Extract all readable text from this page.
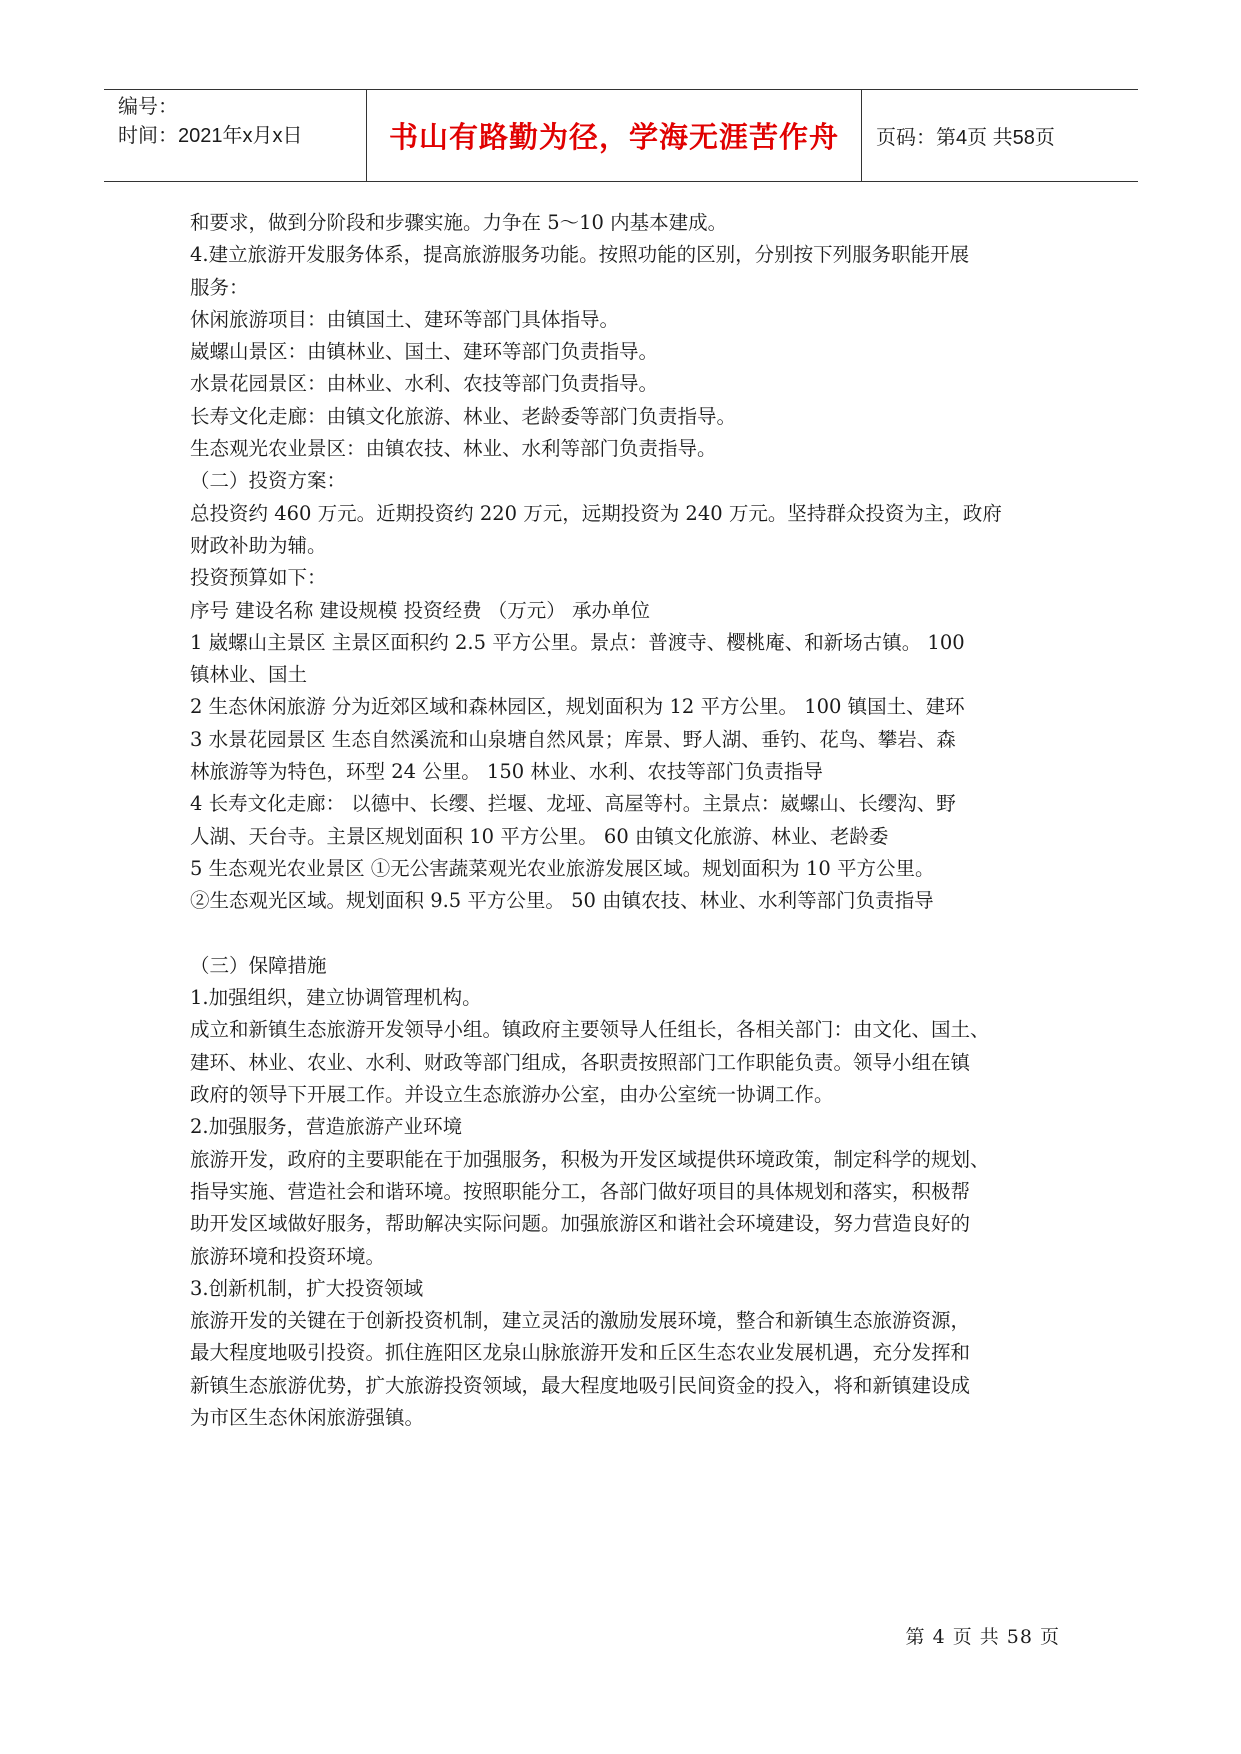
编号：
时间：2021年x月x日	书山有路勤为径，学海无涯苦作舟	页码：第4页 共58页

和要求，做到分阶段和步骤实施。力争在 5～10 内基本建成。

4.建立旅游开发服务体系，提高旅游服务功能。按照功能的区别，分别按下列服务职能开展

服务：

休闲旅游项目：由镇国土、建环等部门具体指导。

崴螺山景区：由镇林业、国土、建环等部门负责指导。

水景花园景区：由林业、水利、农技等部门负责指导。

长寿文化走廊：由镇文化旅游、林业、老龄委等部门负责指导。

生态观光农业景区：由镇农技、林业、水利等部门负责指导。

（二）投资方案：

总投资约 460 万元。近期投资约 220 万元，远期投资为 240 万元。坚持群众投资为主，政府

财政补助为辅。

投资预算如下：

序号 建设名称 建设规模 投资经费 （万元） 承办单位

1 崴螺山主景区 主景区面积约 2.5 平方公里。景点：普渡寺、樱桃庵、和新场古镇。 100

镇林业、国土

2 生态休闲旅游 分为近郊区域和森林园区，规划面积为 12 平方公里。 100 镇国土、建环

3 水景花园景区 生态自然溪流和山泉塘自然风景；库景、野人湖、垂钓、花鸟、攀岩、森

林旅游等为特色，环型 24 公里。 150 林业、水利、农技等部门负责指导

4 长寿文化走廊： 以德中、长缨、拦堰、龙垭、高屋等村。主景点：崴螺山、长缨沟、野

人湖、天台寺。主景区规划面积 10 平方公里。 60 由镇文化旅游、林业、老龄委

5 生态观光农业景区 ①无公害蔬菜观光农业旅游发展区域。规划面积为 10 平方公里。

②生态观光区域。规划面积 9.5 平方公里。 50 由镇农技、林业、水利等部门负责指导

（三）保障措施

1.加强组织，建立协调管理机构。

成立和新镇生态旅游开发领导小组。镇政府主要领导人任组长，各相关部门：由文化、国土、

建环、林业、农业、水利、财政等部门组成，各职责按照部门工作职能负责。领导小组在镇

政府的领导下开展工作。并设立生态旅游办公室，由办公室统一协调工作。

2.加强服务，营造旅游产业环境

旅游开发，政府的主要职能在于加强服务，积极为开发区域提供环境政策，制定科学的规划、

指导实施、营造社会和谐环境。按照职能分工，各部门做好项目的具体规划和落实，积极帮

助开发区域做好服务，帮助解决实际问题。加强旅游区和谐社会环境建设，努力营造良好的

旅游环境和投资环境。

3.创新机制，扩大投资领域

旅游开发的关键在于创新投资机制，建立灵活的激励发展环境，整合和新镇生态旅游资源，

最大程度地吸引投资。抓住旌阳区龙泉山脉旅游开发和丘区生态农业发展机遇，充分发挥和

新镇生态旅游优势，扩大旅游投资领域，最大程度地吸引民间资金的投入，将和新镇建设成

为市区生态休闲旅游强镇。

第 4 页 共 58 页
